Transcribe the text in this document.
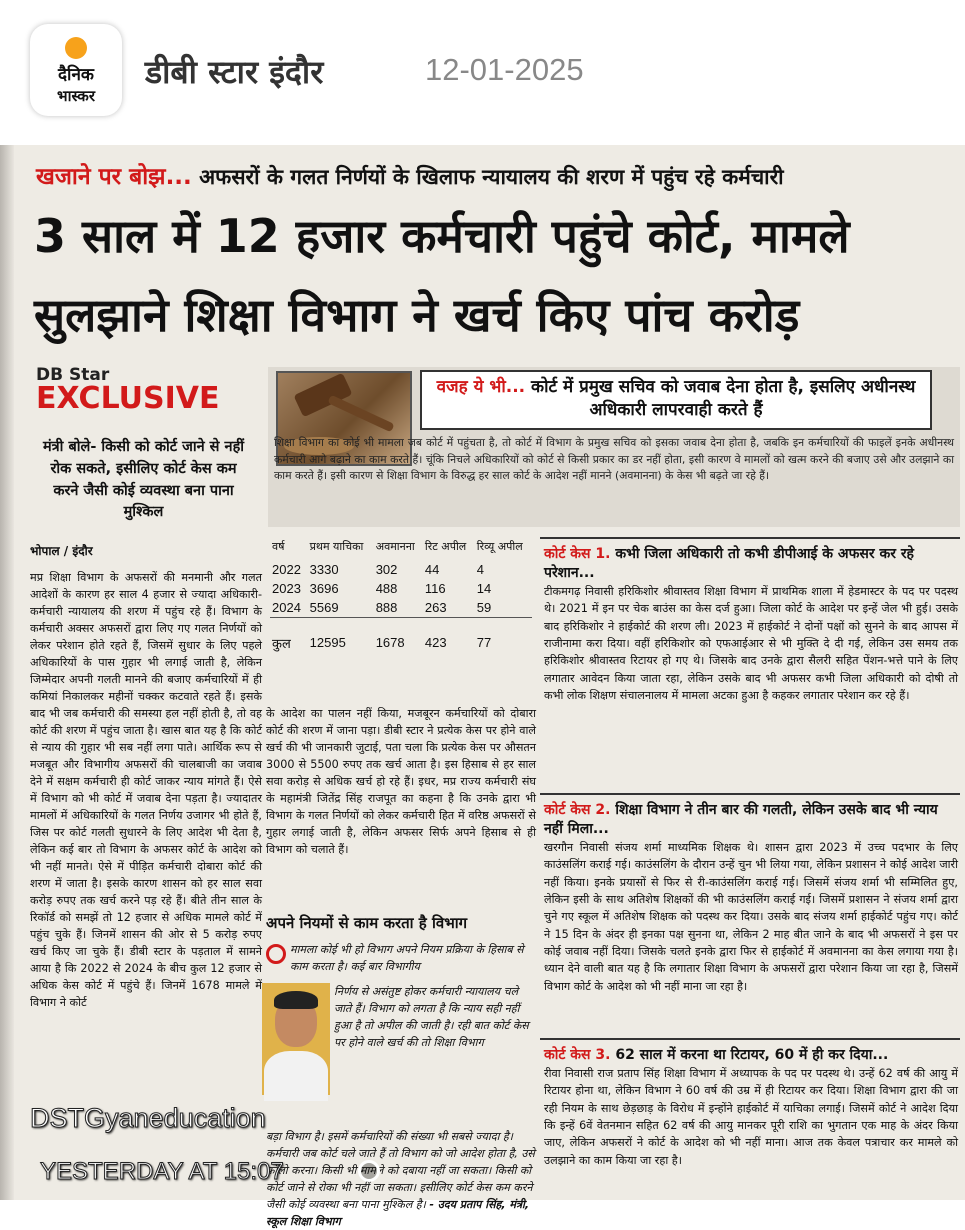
दैनिक
भास्कर
डीबी स्टार इंदौर	12-01-2025
खजाने पर बोझ... अफसरों के गलत निर्णयों के खिलाफ न्यायालय की शरण में पहुंच रहे कर्मचारी
3 साल में 12 हजार कर्मचारी पहुंचे कोर्ट, मामले
सुलझाने शिक्षा विभाग ने खर्च किए पांच करोड़
DB Star
EXCLUSIVE
मंत्री बोले- किसी को कोर्ट जाने से नहीं रोक सकते, इसीलिए कोर्ट केस कम करने जैसी कोई व्यवस्था बना पाना मुश्किल
भोपाल / इंदौर
मप्र शिक्षा विभाग के अफसरों की मनमानी और गलत आदेशों के कारण हर साल 4 हजार से ज्यादा अधिकारी-कर्मचारी न्यायालय की शरण में पहुंच रहे हैं। विभाग के कर्मचारी अक्सर अफसरों द्वारा लिए गए गलत निर्णयों को लेकर परेशान होते रहते हैं, जिसमें सुधार के लिए पहले अधिकारियों के पास गुहार भी लगाई जाती है, लेकिन जिम्मेदार अपनी गलती मानने की बजाए कर्मचारियों में ही कमियां निकालकर महीनों चक्कर कटवाते रहते हैं। इसके बाद भी जब कर्मचारी की समस्या हल नहीं होती है, तो वह कोर्ट की शरण में पहुंच जाता है। खास बात यह है कि कोर्ट से न्याय की गुहार भी सब नहीं लगा पाते। आर्थिक रूप से मजबूत और विभागीय अफसरों की चालबाजी का जवाब देने में सक्षम कर्मचारी ही कोर्ट जाकर न्याय मांगते हैं। ऐसे में विभाग को भी कोर्ट में जवाब देना पड़ता है। ज्यादातर मामलों में अधिकारियों के गलत निर्णय उजागर भी होते हैं, जिस पर कोर्ट गलती सुधारने के लिए आदेश भी देता है, लेकिन कई बार तो विभाग के अफसर कोर्ट के आदेश को भी नहीं मानते। ऐसे में पीड़ित कर्मचारी दोबारा कोर्ट की शरण में जाता है। इसके कारण शासन को हर साल सवा करोड़ रुपए तक खर्च करने पड़ रहे हैं। बीते तीन साल के रिकॉर्ड को समझें तो 12 हजार से अधिक मामले कोर्ट में पहुंच चुके हैं। जिनमें शासन की ओर से 5 करोड़ रुपए खर्च किए जा चुके हैं। डीबी स्टार के पड़ताल में सामने आया है कि 2022 से 2024 के बीच कुल 12 हजार से अधिक केस कोर्ट में पहुंचे हैं। जिनमें 1678 मामले में विभाग ने कोर्ट
वजह ये भी... कोर्ट में प्रमुख सचिव को जवाब देना होता है, इसलिए अधीनस्थ अधिकारी लापरवाही करते हैं
शिक्षा विभाग का कोई भी मामला जब कोर्ट में पहुंचता है, तो कोर्ट में विभाग के प्रमुख सचिव को इसका जवाब देना होता है, जबकि इन कर्मचारियों की फाइलें इनके अधीनस्थ कर्मचारी आगे बढ़ाने का काम करते हैं। चूंकि निचले अधिकारियों को कोर्ट से किसी प्रकार का डर नहीं होता, इसी कारण वे मामलों को खत्म करने की बजाए उसे और उलझाने का काम करते हैं। इसी कारण से शिक्षा विभाग के विरुद्ध हर साल कोर्ट के आदेश नहीं मानने (अवमानना) के केस भी बढ़ते जा रहे हैं।
वर्ष	प्रथम याचिका	अवमानना	रिट अपील	रिव्यू अपील
2022	3330	302	44	4
2023	3696	488	116	14
2024	5569	888	263	59
कुल	12595	1678	423	77
के आदेश का पालन नहीं किया, मजबूरन कर्मचारियों को दोबारा कोर्ट की शरण में जाना पड़ा। डीबी स्टार ने प्रत्येक केस पर होने वाले खर्च की भी जानकारी जुटाई, पता चला कि प्रत्येक केस पर औसतन 3000 से 5500 रुपए तक खर्च आता है। इस हिसाब से हर साल सवा करोड़ से अधिक खर्च हो रहे हैं। इधर, मप्र राज्य कर्मचारी संघ के महामंत्री जितेंद्र सिंह राजपूत का कहना है कि उनके द्वारा भी विभाग के गलत निर्णयों को लेकर कर्मचारी हित में वरिष्ठ अफसरों से गुहार लगाई जाती है, लेकिन अफसर सिर्फ अपने हिसाब से ही विभाग को चलाते हैं।
अपने नियमों से काम करता है विभाग
मामला कोई भी हो विभाग अपने नियम प्रक्रिया के हिसाब से काम करता है। कई बार विभागीय
निर्णय से असंतुष्ट होकर कर्मचारी न्यायालय चले जाते हैं। विभाग को लगता है कि न्याय सही नहीं हुआ है तो अपील की जाती है। रही बात कोर्ट केस पर होने वाले खर्च की तो शिक्षा विभाग
बड़ा विभाग है। इसमें कर्मचारियों की संख्या भी सबसे ज्यादा है। कर्मचारी जब कोर्ट चले जाते हैं तो विभाग को जो आदेश होता है, उसे फॉलो करना। किसी भी मामले को दबाया नहीं जा सकता। किसी को कोर्ट जाने से रोका भी नहीं जा सकता। इसीलिए कोर्ट केस कम करने जैसी कोई व्यवस्था बना पाना मुश्किल है। - उदय प्रताप सिंह, मंत्री, स्कूल शिक्षा विभाग
कोर्ट केस 1. कभी जिला अधिकारी तो कभी डीपीआई के अफसर कर रहे परेशान...
टीकमगढ़ निवासी हरिकिशोर श्रीवास्तव शिक्षा विभाग में प्राथमिक शाला में हेडमास्टर के पद पर पदस्थ थे। 2021 में इन पर चेक बाउंस का केस दर्ज हुआ। जिला कोर्ट के आदेश पर इन्हें जेल भी हुई। उसके बाद हरिकिशोर ने हाईकोर्ट की शरण ली। 2023 में हाईकोर्ट ने दोनों पक्षों को सुनने के बाद आपस में राजीनामा करा दिया। वहीं हरिकिशोर को एफआईआर से भी मुक्ति दे दी गई, लेकिन उस समय तक हरिकिशोर श्रीवास्तव रिटायर हो गए थे। जिसके बाद उनके द्वारा सैलरी सहित पेंशन-भत्ते पाने के लिए लगातार आवेदन किया जाता रहा, लेकिन उसके बाद भी अफसर कभी जिला अधिकारी को दोषी तो कभी लोक शिक्षण संचालनालय में मामला अटका हुआ है कहकर लगातार परेशान कर रहे हैं।
कोर्ट केस 2. शिक्षा विभाग ने तीन बार की गलती, लेकिन उसके बाद भी न्याय नहीं मिला...
खरगौन निवासी संजय शर्मा माध्यमिक शिक्षक थे। शासन द्वारा 2023 में उच्च पदभार के लिए काउंसलिंग कराई गई। काउंसलिंग के दौरान उन्हें चुन भी लिया गया, लेकिन प्रशासन ने कोई आदेश जारी नहीं किया। इनके प्रयासों से फिर से री-काउंसलिंग कराई गई। जिसमें संजय शर्मा भी सम्मिलित हुए, लेकिन इसी के साथ अतिशेष शिक्षकों की भी काउंसलिंग कराई गई। जिसमें प्रशासन ने संजय शर्मा द्वारा चुने गए स्कूल में अतिशेष शिक्षक को पदस्थ कर दिया। उसके बाद संजय शर्मा हाईकोर्ट पहुंच गए। कोर्ट ने 15 दिन के अंदर ही इनका पक्ष सुनना था, लेकिन 2 माह बीत जाने के बाद भी अफसरों ने इस पर कोई जवाब नहीं दिया। जिसके चलते इनके द्वारा फिर से हाईकोर्ट में अवमानना का केस लगाया गया है। ध्यान देने वाली बात यह है कि लगातार शिक्षा विभाग के अफसरों द्वारा परेशान किया जा रहा है, जिसमें विभाग कोर्ट के आदेश को भी नहीं माना जा रहा है।
कोर्ट केस 3. 62 साल में करना था रिटायर, 60 में ही कर दिया...
रीवा निवासी राज प्रताप सिंह शिक्षा विभाग में अध्यापक के पद पर पदस्थ थे। उन्हें 62 वर्ष की आयु में रिटायर होना था, लेकिन विभाग ने 60 वर्ष की उम्र में ही रिटायर कर दिया। शिक्षा विभाग द्वारा की जा रही नियम के साथ छेड़छाड़ के विरोध में इन्होंने हाईकोर्ट में याचिका लगाई। जिसमें कोर्ट ने आदेश दिया कि इन्हें 6वें वेतनमान सहित 62 वर्ष की आयु मानकर पूरी राशि का भुगतान एक माह के अंदर किया जाए, लेकिन अफसरों ने कोर्ट के आदेश को भी नहीं माना। आज तक केवल पत्राचार कर मामले को उलझाने का काम किया जा रहा है।
DSTGyaneducation
YESTERDAY AT 15:07
